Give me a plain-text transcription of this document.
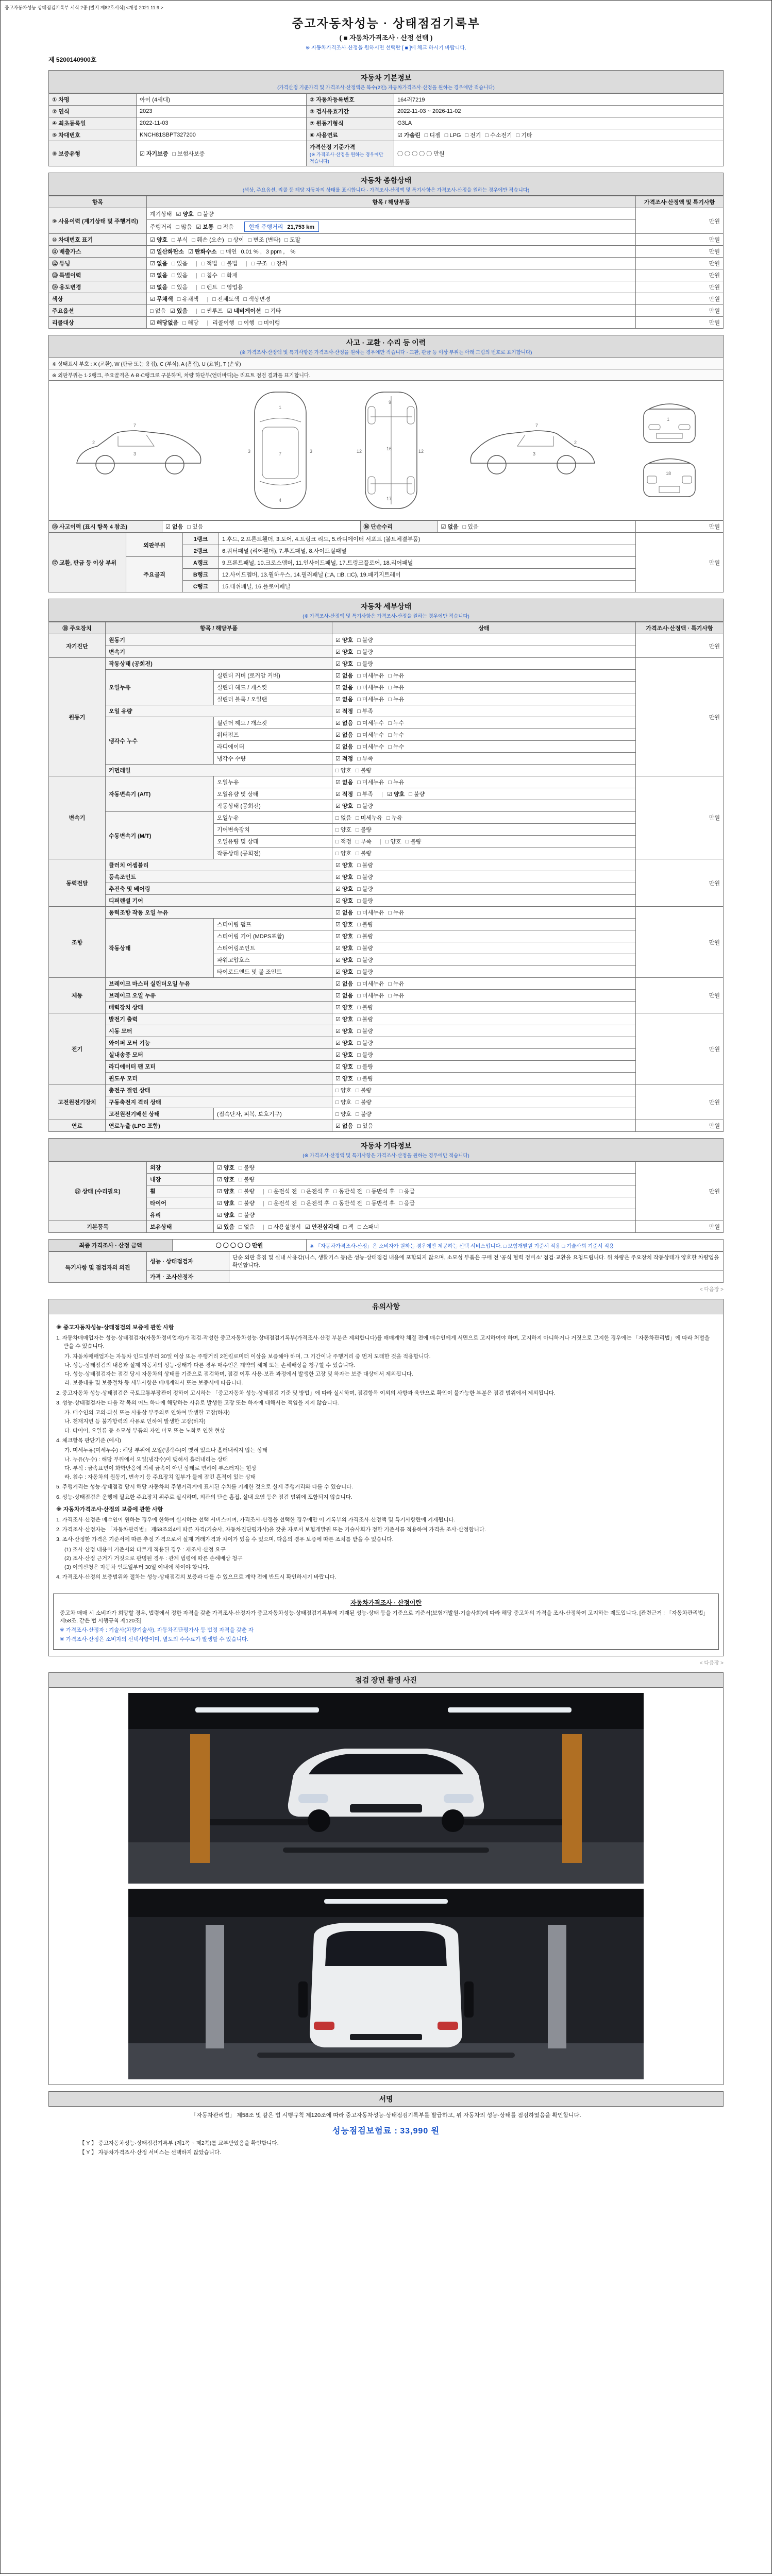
중고자동차성능·상태점검기록부 서식 2종 [별지 제82호서식] <개정 2021.11.9.>
중고자동차성능 · 상태점검기록부
( ■ 자동차가격조사 · 산정 선택 )
※ 자동차가격조사·산정을 원하시면 선택란 [ ■ ]에 체크 하시기 바랍니다.
제 5200140900호
자동차 기본정보
(가격산정 기준가격 및 가격조사·산정액은 복수(2인) 자동차가격조사·산정을 원하는 경우에만 적습니다)
① 차명	아이 (4세대)	② 자동차등록번호	164러7219
② 연식	2023	③ 검사유효기간	2022-11-03 ~ 2026-11-02
④ 최초등록일	2022-11-03	⑦ 원동기형식	G3LA
⑤ 차대번호	KNCH81SBPT327200	⑥ 사용연료	☑ 가솔린 □ 디젤 □ LPG □ 전기 □ 수소전기 □ 기타
⑧ 보증유형	☑ 자기보증 □ 보험사보증	가격산정 기준가격
(※ 가격조사·산정을 원하는 경우에만 적습니다)	〇 〇 〇 〇 〇 만원
자동차 종합상태
(색상, 주요옵션, 리콜 등 해당 자동차의 상태를 표시합니다 · 가격조사·산정액 및 특기사항은 가격조사·산정을 원하는 경우에만 적습니다)
항목	항목 / 해당부품	가격조사·산정액 및 특기사항
⑨ 사용이력 (계기상태 및 주행거리)	계기상태 ☑ 양호 □ 불량	만원
	주행거리 □ 많음 ☑ 보통 □ 적음 현재 주행거리 21,753 km	
⑩ 차대번호 표기	☑ 양호 □ 부식 □ 훼손 (오손) □ 상이 □ 변조 (변타) □ 도말	만원
⑪ 배출가스	☑ 일산화탄소 ☑ 탄화수소 □ 매연 0.01 % , 3 ppm , %	만원
⑫ 튜닝	☑ 없음 □ 있음 | □ 적법 □ 불법 | □ 구조 □ 장치	만원
⑬ 특별이력	☑ 없음 □ 있음 | □ 침수 □ 화재	만원
⑭ 용도변경	☑ 없음 □ 있음 | □ 렌트 □ 영업용	만원
색상	☑ 무채색 □ 유채색 | □ 전체도색 □ 색상변경	만원
주요옵션	□ 없음 ☑ 있음 | □ 썬루프 ☑ 네비게이션 □ 기타	만원
리콜대상	☑ 해당없음 □ 해당 | 리콜이행 □ 이행 □ 미이행	만원
사고 · 교환 · 수리 등 이력
(※ 가격조사·산정액 및 특기사항은 가격조사·산정을 원하는 경우에만 적습니다 · 교환, 판금 등 이상 부위는 아래 그림의 번호로 표기합니다)
※ 상태표시 부호 : X (교환), W (판금 또는 용접), C (부식), A (흠집), U (요철), T (손상)
※ 외판부위는 1·2랭크, 주요골격은 A·B·C랭크로 구분하며, 차량 하단부(언더바디)는 리프트 점검 결과를 표기합니다.
7
2
3
1
7
4
3	3
9
16
17
12	12
7
2
3
1
18
⑮ 사고이력 (표시 항목 4 참조)	☑ 없음 □ 있음	⑯ 단순수리	☑ 없음 □ 있음	만원
⑰ 교환, 판금 등 이상 부위	외판부위	1랭크	1.후드, 2.프론트휀더, 3.도어, 4.트렁크 리드, 5.라디에이터 서포트 (볼트체결부품)	만원
		2랭크	6.쿼터패널 (리어휀더), 7.루프패널, 8.사이드실패널	
	주요골격	A랭크	9.프론트패널, 10.크로스멤버, 11.인사이드패널, 17.트렁크플로어, 18.리어패널	
		B랭크	12.사이드멤버, 13.휠하우스, 14.필러패널 (□A, □B, □C), 19.패키지트레이	
		C랭크	15.대쉬패널, 16.플로어패널	
자동차 세부상태
(※ 가격조사·산정액 및 특기사항은 가격조사·산정을 원하는 경우에만 적습니다)
⑱ 주요장치	항목 / 해당부품		상태	가격조사·산정액 · 특기사항
자기진단	원동기		☑ 양호 □ 불량	만원
	변속기		☑ 양호 □ 불량	
원동기	작동상태 (공회전)		☑ 양호 □ 불량	만원
	오일누유	실린더 커버 (로커암 커버)	☑ 없음 □ 미세누유 □ 누유	
		실린더 헤드 / 개스킷	☑ 없음 □ 미세누유 □ 누유	
		실린더 블록 / 오일팬	☑ 없음 □ 미세누유 □ 누유	
	오일 유량		☑ 적정 □ 부족	
	냉각수 누수	실린더 헤드 / 개스킷	☑ 없음 □ 미세누수 □ 누수	
		워터펌프	☑ 없음 □ 미세누수 □ 누수	
		라디에이터	☑ 없음 □ 미세누수 □ 누수	
		냉각수 수량	☑ 적정 □ 부족	
	커먼레일		□ 양호 □ 불량	
변속기	자동변속기 (A/T)	오일누유	☑ 없음 □ 미세누유 □ 누유	만원
		오일유량 및 상태	☑ 적정 □ 부족 | ☑ 양호 □ 불량	
		작동상태 (공회전)	☑ 양호 □ 불량	
	수동변속기 (M/T)	오일누유	□ 없음 □ 미세누유 □ 누유	
		기어변속장치	□ 양호 □ 불량	
		오일유량 및 상태	□ 적정 □ 부족 | □ 양호 □ 불량	
		작동상태 (공회전)	□ 양호 □ 불량	
동력전달	클러치 어셈블리		☑ 양호 □ 불량	만원
	등속조인트		☑ 양호 □ 불량	
	추진축 및 베어링		☑ 양호 □ 불량	
	디퍼렌셜 기어		☑ 양호 □ 불량	
조향	동력조향 작동 오일 누유		☑ 없음 □ 미세누유 □ 누유	만원
	작동상태	스티어링 펌프	☑ 양호 □ 불량	
		스티어링 기어 (MDPS포함)	☑ 양호 □ 불량	
		스티어링조인트	☑ 양호 □ 불량	
		파워고압호스	☑ 양호 □ 불량	
		타이로드엔드 및 볼 조인트	☑ 양호 □ 불량	
제동	브레이크 마스터 실린더오일 누유		☑ 없음 □ 미세누유 □ 누유	만원
	브레이크 오일 누유		☑ 없음 □ 미세누유 □ 누유	
	배력장치 상태		☑ 양호 □ 불량	
전기	발전기 출력		☑ 양호 □ 불량	만원
	시동 모터		☑ 양호 □ 불량	
	와이퍼 모터 기능		☑ 양호 □ 불량	
	실내송풍 모터		☑ 양호 □ 불량	
	라디에이터 팬 모터		☑ 양호 □ 불량	
	윈도우 모터		☑ 양호 □ 불량	
고전원전기장치	충전구 절연 상태		□ 양호 □ 불량	만원
	구동축전지 격리 상태		□ 양호 □ 불량	
	고전원전기배선 상태	(접속단자, 피복, 보호기구)	□ 양호 □ 불량	
연료	연료누출 (LPG 포함)		☑ 없음 □ 있음	만원
자동차 기타정보
(※ 가격조사·산정액 및 특기사항은 가격조사·산정을 원하는 경우에만 적습니다)
⑲ 상태 (수리필요)	외장	☑ 양호 □ 불량	만원
	내장	☑ 양호 □ 불량	
	휠	☑ 양호 □ 불량 | □ 운전석 전 □ 운전석 후 □ 동반석 전 □ 동반석 후 □ 응급	
	타이어	☑ 양호 □ 불량 | □ 운전석 전 □ 운전석 후 □ 동반석 전 □ 동반석 후 □ 응급	
	유리	☑ 양호 □ 불량	
기본품목	보유상태	☑ 있음 □ 없음 | □ 사용설명서 ☑ 안전삼각대 □ 잭 □ 스패너	만원
최종 가격조사 · 산정 금액	〇 〇 〇 〇 〇 만원	※ 「자동차가격조사·산정」은 소비자가 원하는 경우에만 제공하는 선택 서비스입니다. □ 보험개발원 기준서 적용 □ 기술사회 기준서 적용
특기사항 및 점검자의 의견	성능 · 상태점검자	단순 외판 흠집 및 실내 사용감(니스, 생활기스 등)은 성능·상태점검 내용에 포함되지 않으며, 소모성 부품은 구매 전 '공식 협력 정비소' 점검·교환을 요청드립니다. 위 차량은 주요장치 작동상태가 양호한 차량임을 확인합니다.
	가격 · 조사산정자	
< 다음장 >
유의사항
※ 중고자동차성능·상태점검의 보증에 관한 사항
1. 자동차매매업자는 성능·상태점검자(자동차정비업자)가 점검·작성한 중고자동차성능·상태점검기록부(가격조사·산정 부분은 제외합니다)를 매매계약 체결 전에 매수인에게 서면으로 고지하여야 하며, 고지하지 아니하거나 거짓으로 고지한 경우에는 「자동차관리법」에 따라 처벌을 받을 수 있습니다.
가. 자동차매매업자는 자동차 인도일부터 30일 이상 또는 주행거리 2천킬로미터 이상을 보증해야 하며, 그 기간이나 주행거리 중 먼저 도래한 것을 적용합니다.
나. 성능·상태점검의 내용과 실제 자동차의 성능·상태가 다른 경우 매수인은 계약의 해제 또는 손해배상을 청구할 수 있습니다.
다. 성능·상태점검자는 점검 당시 자동차의 상태를 기준으로 점검하며, 점검 이후 사용·보관 과정에서 발생한 고장 및 하자는 보증 대상에서 제외됩니다.
라. 보증내용 및 보증절차 등 세부사항은 매매계약서 또는 보증서에 따릅니다.
2. 중고자동차 성능·상태점검은 국토교통부장관이 정하여 고시하는 「중고자동차 성능·상태점검 기준 및 방법」에 따라 실시하며, 점검항목 이외의 사항과 육안으로 확인이 불가능한 부분은 점검 범위에서 제외됩니다.
3. 성능·상태점검자는 다음 각 목의 어느 하나에 해당하는 사유로 발생한 고장 또는 하자에 대해서는 책임을 지지 않습니다.
가. 매수인의 고의·과실 또는 사용상 부주의로 인하여 발생한 고장(하자)
나. 천재지변 등 불가항력의 사유로 인하여 발생한 고장(하자)
다. 타이어, 오일류 등 소모성 부품의 자연 마모 또는 노화로 인한 현상
4. 체크항목 판단기준 (예시)
가. 미세누유(미세누수) : 해당 부위에 오일(냉각수)이 맺혀 있으나 흘러내리지 않는 상태
나. 누유(누수) : 해당 부위에서 오일(냉각수)이 맺혀서 흘러내리는 상태
다. 부식 : 금속표면이 화학반응에 의해 금속이 아닌 상태로 변하여 부스러지는 현상
라. 침수 : 자동차의 원동기, 변속기 등 주요장치 일부가 물에 잠긴 흔적이 있는 상태
5. 주행거리는 성능·상태점검 당시 해당 자동차의 주행거리계에 표시된 수치를 기재한 것으로 실제 주행거리와 다를 수 있습니다.
6. 성능·상태점검은 운행에 필요한 주요장치 위주로 실시하며, 외관의 단순 흠집, 실내 오염 등은 점검 범위에 포함되지 않습니다.
※ 자동차가격조사·산정의 보증에 관한 사항
1. 가격조사·산정은 매수인이 원하는 경우에 한하여 실시하는 선택 서비스이며, 가격조사·산정을 선택한 경우에만 이 기록부의 가격조사·산정액 및 특기사항란에 기재됩니다.
2. 가격조사·산정자는 「자동차관리법」 제58조의4에 따른 자격(기술사, 자동차진단평가사)을 갖춘 자로서 보험개발원 또는 기술사회가 정한 기준서를 적용하여 가격을 조사·산정합니다.
3. 조사·산정한 가격은 기준서에 따른 추정 가격으로서 실제 거래가격과 차이가 있을 수 있으며, 다음의 경우 보증에 따른 조치를 받을 수 있습니다.
(1) 조사·산정 내용이 기준서와 다르게 적용된 경우 : 재조사·산정 요구
(2) 조사·산정 근거가 거짓으로 판명된 경우 : 관계 법령에 따른 손해배상 청구
(3) 이의신청은 자동차 인도일부터 30일 이내에 하여야 합니다.
4. 가격조사·산정의 보증범위와 절차는 성능·상태점검의 보증과 다를 수 있으므로 계약 전에 반드시 확인하시기 바랍니다.
자동차가격조사 · 산정이란
중고차 매매 시 소비자가 희망할 경우, 법령에서 정한 자격을 갖춘 가격조사·산정자가 중고자동차성능·상태점검기록부에 기재된 성능·상태 등을 기준으로 기준서(보험개발원·기술사회)에 따라 해당 중고차의 가격을 조사·산정하여 고지하는 제도입니다. [관련근거 : 「자동차관리법」 제58조, 같은 법 시행규칙 제120조]
※ 가격조사·산정자 : 기술사(차량기술사), 자동차진단평가사 등 법정 자격을 갖춘 자
※ 가격조사·산정은 소비자의 선택사항이며, 별도의 수수료가 발생할 수 있습니다.
< 다음장 >
점검 장면 촬영 사진
서명
「자동차관리법」 제58조 및 같은 법 시행규칙 제120조에 따라 중고자동차성능·상태점검기록부를 발급하고, 위 자동차의 성능·상태를 점검하였음을 확인합니다.
성능점검보험료 : 33,990 원
【 Y 】 중고자동차성능·상태점검기록부 (제1쪽 ~ 제2쪽)를 교부받았음을 확인합니다.
【 Y 】 자동차가격조사·산정 서비스는 선택하지 않았습니다.
